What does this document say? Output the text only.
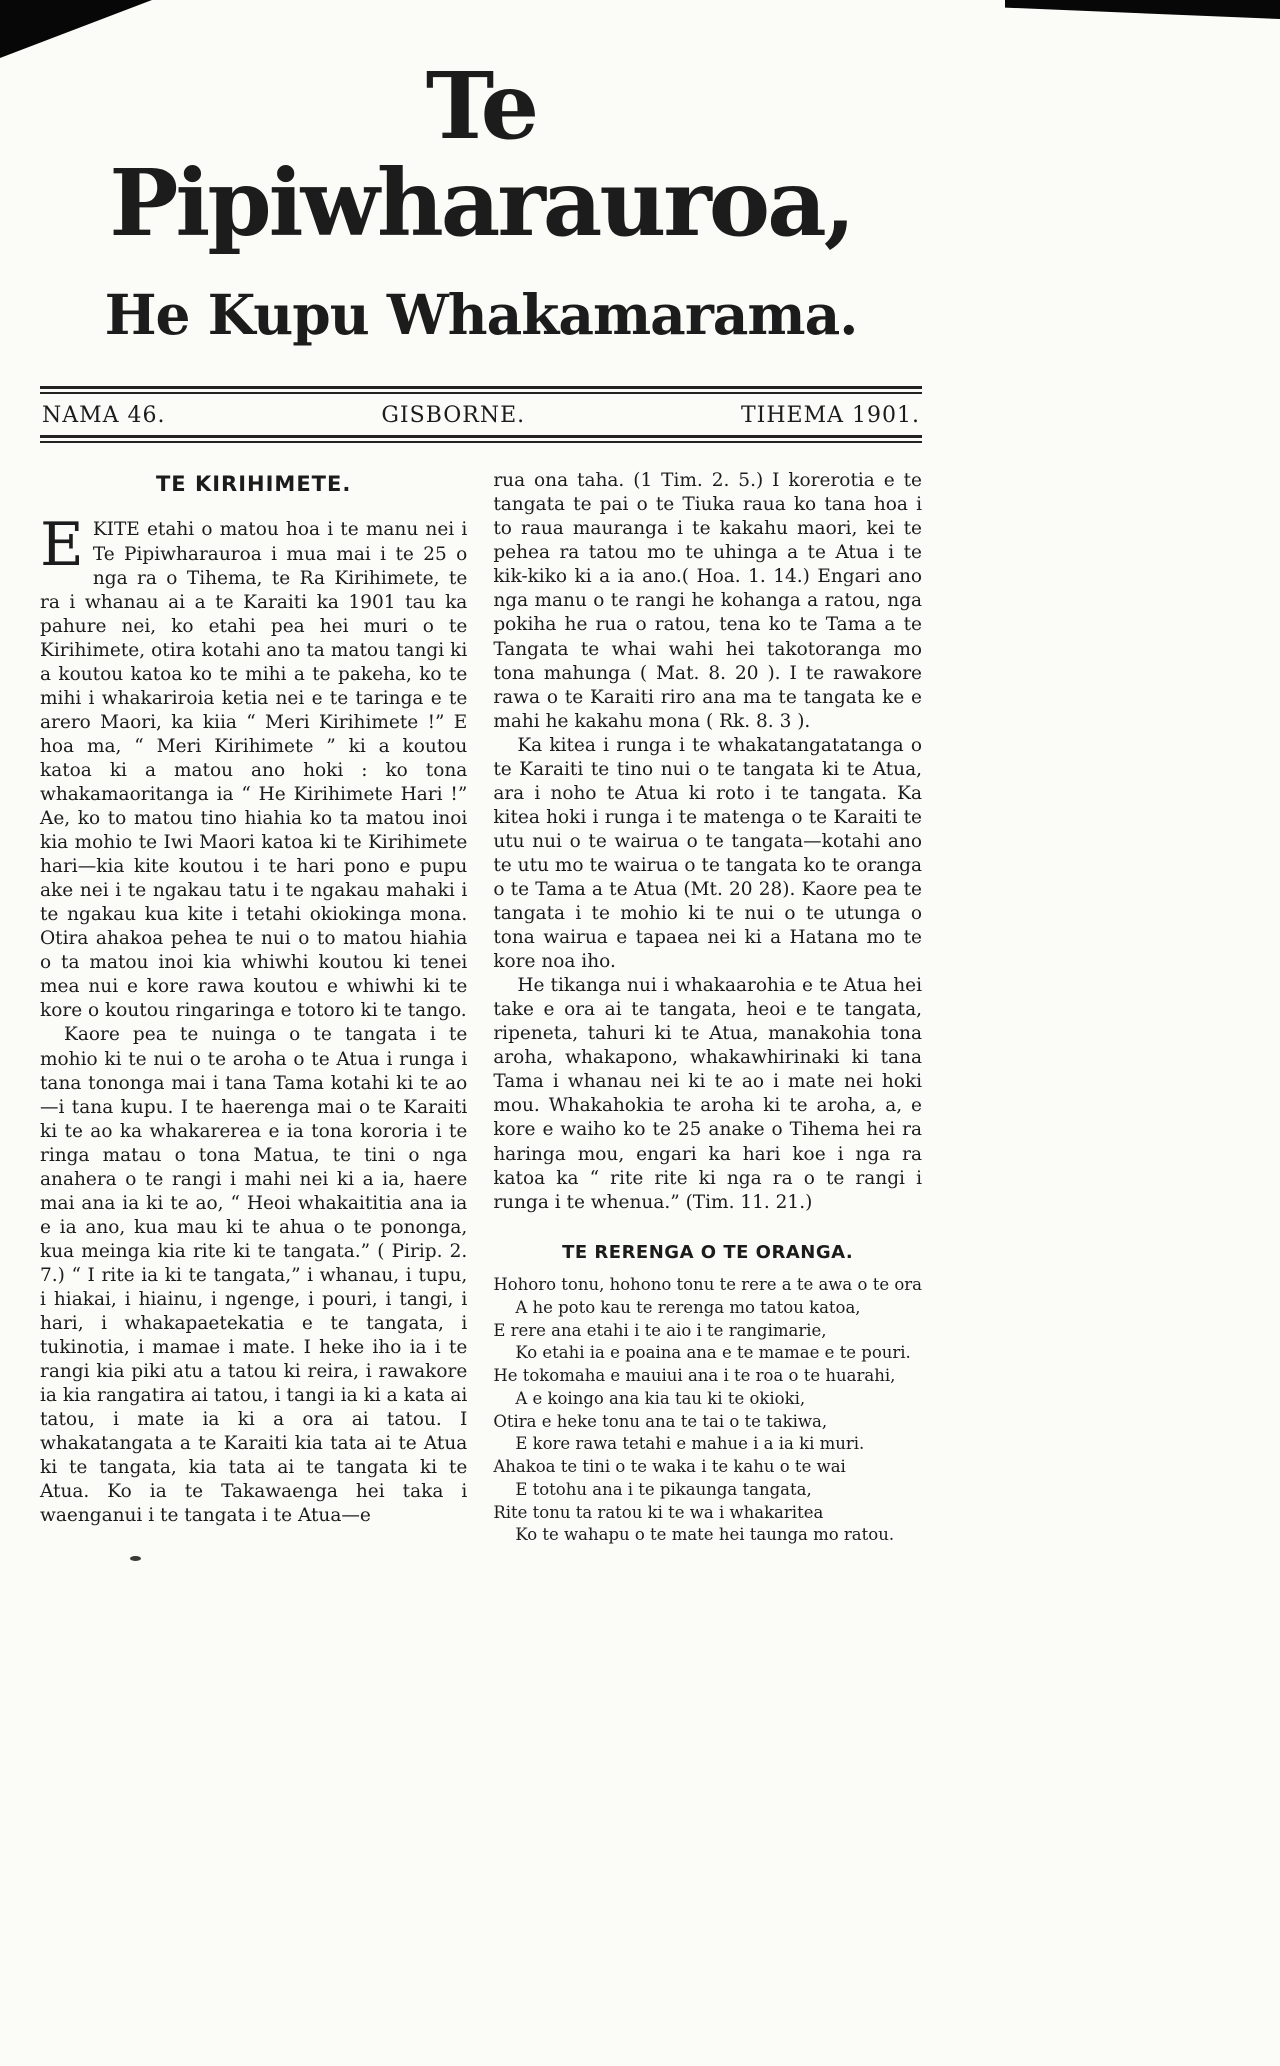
Te Pipiwharauroa,
He Kupu Whakamarama.
NAMA 46.	GISBORNE.	TIHEMA 1901.
TE KIRIHIMETE.

EKITE etahi o matou hoa i te manu nei i Te Pipiwharauroa i mua mai i te 25 o nga ra o Tihema, te Ra Kirihimete, te ra i whanau ai a te Karaiti ka 1901 tau ka pahure nei, ko etahi pea hei muri o te Kirihimete, otira kotahi ano ta matou tangi ki a koutou katoa ko te mihi a te pakeha, ko te mihi i whakariroia ketia nei e te taringa e te arero Maori, ka kiia “ Meri Kirihimete !” E hoa ma, “ Meri Kirihimete ” ki a koutou katoa ki a matou ano hoki : ko tona whakamaoritanga ia “ He Kirihimete Hari !” Ae, ko to matou tino hiahia ko ta matou inoi kia mohio te Iwi Maori katoa ki te Kirihimete hari—kia kite koutou i te hari pono e pupu ake nei i te ngakau tatu i te ngakau mahaki i te ngakau kua kite i tetahi okiokinga mona. Otira ahakoa pehea te nui o to matou hiahia o ta matou inoi kia whiwhi koutou ki tenei mea nui e kore rawa koutou e whiwhi ki te kore o koutou ringaringa e totoro ki te tango.

Kaore pea te nuinga o te tangata i te mohio ki te nui o te aroha o te Atua i runga i tana tononga mai i tana Tama kotahi ki te ao—i tana kupu. I te haerenga mai o te Karaiti ki te ao ka whakarerea e ia tona kororia i te ringa matau o tona Matua, te tini o nga anahera o te rangi i mahi nei ki a ia, haere mai ana ia ki te ao, “ Heoi whakaititia ana ia e ia ano, kua mau ki te ahua o te pononga, kua meinga kia rite ki te tangata.” ( Pirip. 2. 7.) “ I rite ia ki te tangata,” i whanau, i tupu, i hiakai, i hiainu, i ngenge, i pouri, i tangi, i hari, i whakapaetekatia e te tangata, i tukinotia, i mamae i mate. I heke iho ia i te rangi kia piki atu a tatou ki reira, i rawakore ia kia rangatira ai tatou, i tangi ia ki a kata ai tatou, i mate ia ki a ora ai tatou. I whakatangata a te Karaiti kia tata ai te Atua ki te tangata, kia tata ai te tangata ki te Atua. Ko ia te Takawaenga hei taka i waenganui i te tangata i te Atua—e

rua ona taha. (1 Tim. 2. 5.) I korerotia e te tangata te pai o te Tiuka raua ko tana hoa i to raua mauranga i te kakahu maori, kei te pehea ra tatou mo te uhinga a te Atua i te kik-kiko ki a ia ano.( Hoa. 1. 14.) Engari ano nga manu o te rangi he kohanga a ratou, nga pokiha he rua o ratou, tena ko te Tama a te Tangata te whai wahi hei takotoranga mo tona mahunga ( Mat. 8. 20 ). I te rawakore rawa o te Karaiti riro ana ma te tangata ke e mahi he kakahu mona ( Rk. 8. 3 ).

Ka kitea i runga i te whakatangatatanga o te Karaiti te tino nui o te tangata ki te Atua, ara i noho te Atua ki roto i te tangata. Ka kitea hoki i runga i te matenga o te Karaiti te utu nui o te wairua o te tangata—kotahi ano te utu mo te wairua o te tangata ko te oranga o te Tama a te Atua (Mt. 20 28). Kaore pea te tangata i te mohio ki te nui o te utunga o tona wairua e tapaea nei ki a Hatana mo te kore noa iho.

He tikanga nui i whakaarohia e te Atua hei take e ora ai te tangata, heoi e te tangata, ripeneta, tahuri ki te Atua, manakohia tona aroha, whakapono, whakawhirinaki ki tana Tama i whanau nei ki te ao i mate nei hoki mou. Whakahokia te aroha ki te aroha, a, e kore e waiho ko te 25 anake o Tihema hei ra haringa mou, engari ka hari koe i nga ra katoa ka “ rite rite ki nga ra o te rangi i runga i te whenua.” (Tim. 11. 21.)

TE RERENGA O TE ORANGA.
Hohoro tonu, hohono tonu te rere a te awa o te ora
A he poto kau te rerenga mo tatou katoa,
E rere ana etahi i te aio i te rangimarie,
Ko etahi ia e poaina ana e te mamae e te pouri.
He tokomaha e mauiui ana i te roa o te huarahi,
A e koingo ana kia tau ki te okioki,
Otira e heke tonu ana te tai o te takiwa,
E kore rawa tetahi e mahue i a ia ki muri.
Ahakoa te tini o te waka i te kahu o te wai
E totohu ana i te pikaunga tangata,
Rite tonu ta ratou ki te wa i whakaritea
Ko te wahapu o te mate hei taunga mo ratou.
